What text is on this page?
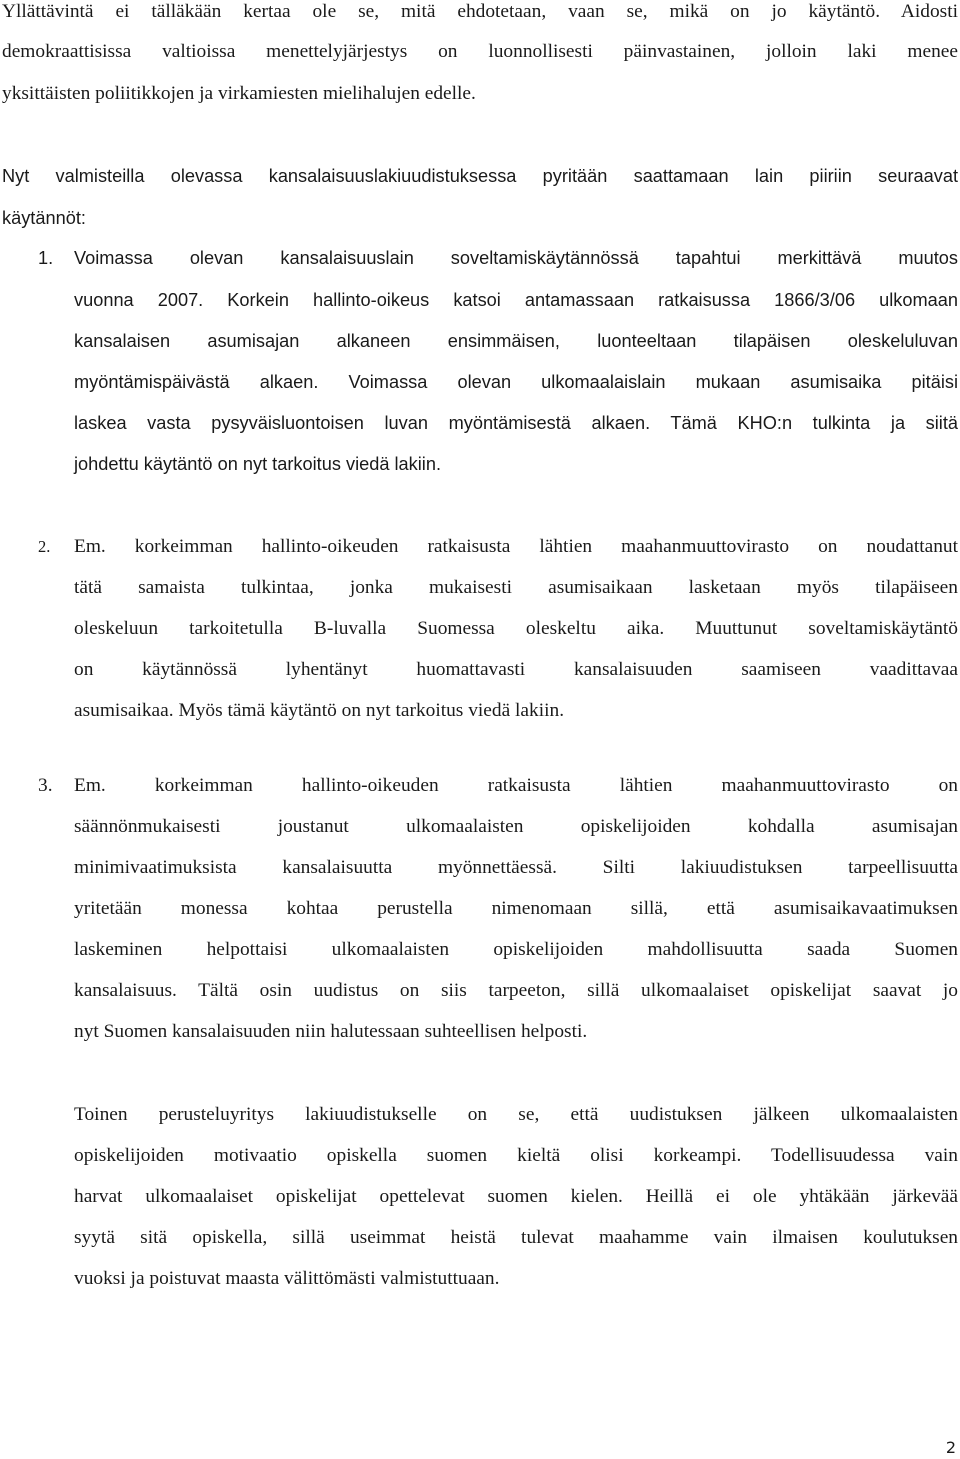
Yllättävintä ei tälläkään kertaa ole se, mitä ehdotetaan, vaan se, mikä on jo käytäntö. Aidosti
demokraattisissa valtioissa menettelyjärjestys on luonnollisesti päinvastainen, jolloin laki menee
yksittäisten poliitikkojen ja virkamiesten mielihalujen edelle.
Nyt valmisteilla olevassa kansalaisuuslakiuudistuksessa pyritään saattamaan lain piiriin seuraavat
käytännöt:
1.	Voimassa olevan kansalaisuuslain soveltamiskäytännössä tapahtui merkittävä muutos
vuonna 2007. Korkein hallinto-oikeus katsoi antamassaan ratkaisussa 1866/3/06 ulkomaan
kansalaisen asumisajan alkaneen ensimmäisen, luonteeltaan tilapäisen oleskeluluvan
myöntämispäivästä alkaen. Voimassa olevan ulkomaalaislain mukaan asumisaika pitäisi
laskea vasta pysyväisluontoisen luvan myöntämisestä alkaen. Tämä KHO:n tulkinta ja siitä
johdettu käytäntö on nyt tarkoitus viedä lakiin.
2. Em. korkeimman hallinto-oikeuden ratkaisusta lähtien maahanmuuttovirasto on noudattanut
tätä samaista tulkintaa, jonka mukaisesti asumisaikaan lasketaan myös tilapäiseen
oleskeluun tarkoitetulla B-luvalla Suomessa oleskeltu aika. Muuttunut soveltamiskäytäntö
on käytännössä lyhentänyt huomattavasti kansalaisuuden saamiseen vaadittavaa
asumisaikaa. Myös tämä käytäntö on nyt tarkoitus viedä lakiin.
3.	Em. korkeimman hallinto-oikeuden ratkaisusta lähtien maahanmuuttovirasto on
säännönmukaisesti joustanut ulkomaalaisten opiskelijoiden kohdalla asumisajan
minimivaatimuksista kansalaisuutta myönnettäessä. Silti lakiuudistuksen tarpeellisuutta
yritetään monessa kohtaa perustella nimenomaan sillä, että asumisaikavaatimuksen
laskeminen helpottaisi ulkomaalaisten opiskelijoiden mahdollisuutta saada Suomen
kansalaisuus. Tältä osin uudistus on siis tarpeeton, sillä ulkomaalaiset opiskelijat saavat jo
nyt Suomen kansalaisuuden niin halutessaan suhteellisen helposti.
Toinen perusteluyritys lakiuudistukselle on se, että uudistuksen jälkeen ulkomaalaisten
opiskelijoiden motivaatio opiskella suomen kieltä olisi korkeampi. Todellisuudessa vain
harvat ulkomaalaiset opiskelijat opettelevat suomen kielen. Heillä ei ole yhtäkään järkevää
syytä sitä opiskella, sillä useimmat heistä tulevat maahamme vain ilmaisen koulutuksen
vuoksi ja poistuvat maasta välittömästi valmistuttuaan.
2
